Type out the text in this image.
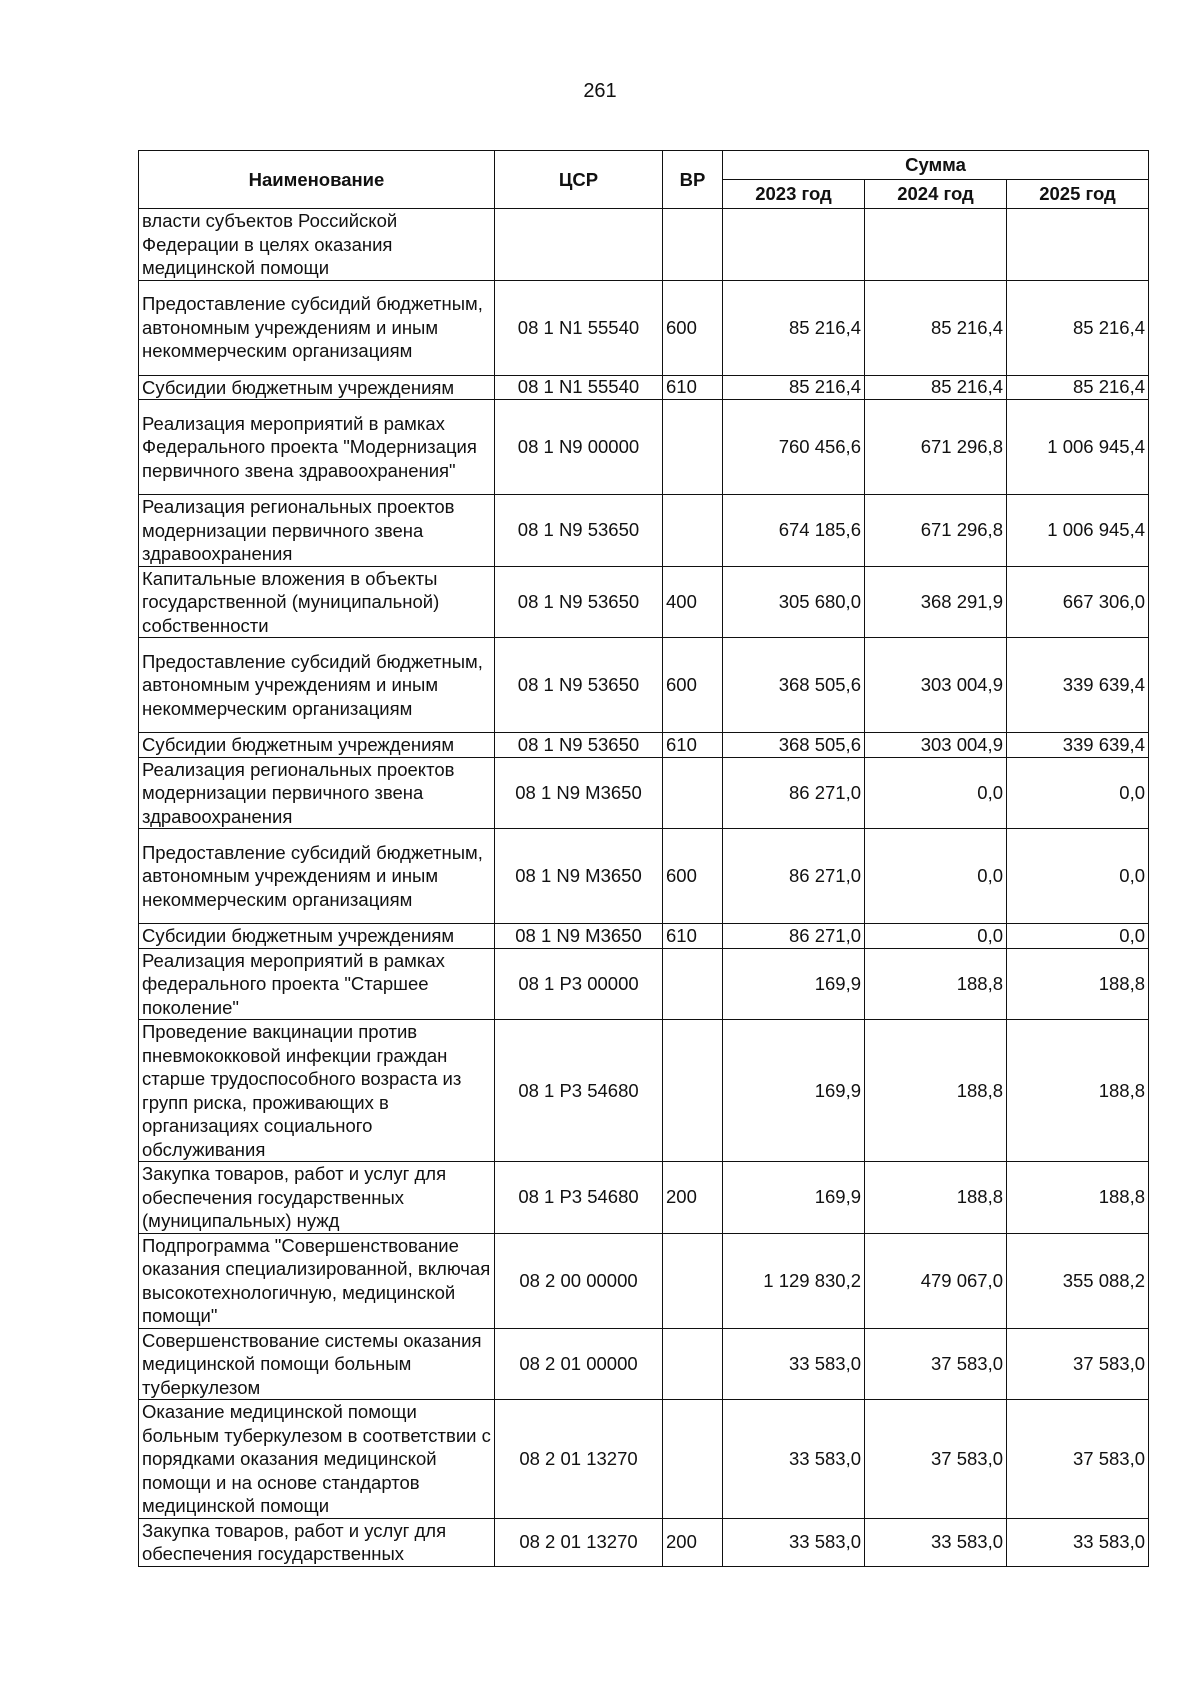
261
Наименование	ЦСР	ВР	Сумма		
			2023 год	2024 год	2025 год
власти субъектов Российской Федерации в целях оказания медицинской помощи					
Предоставление субсидий бюджетным, автономным учреждениям и иным некоммерческим организациям	08 1 N1 55540	600	85 216,4	85 216,4	85 216,4
Субсидии бюджетным учреждениям	08 1 N1 55540	610	85 216,4	85 216,4	85 216,4
Реализация мероприятий в рамках Федерального проекта "Модернизация первичного звена здравоохранения"	08 1 N9 00000		760 456,6	671 296,8	1 006 945,4
Реализация региональных проектов модернизации первичного звена здравоохранения	08 1 N9 53650		674 185,6	671 296,8	1 006 945,4
Капитальные вложения в объекты государственной (муниципальной) собственности	08 1 N9 53650	400	305 680,0	368 291,9	667 306,0
Предоставление субсидий бюджетным, автономным учреждениям и иным некоммерческим организациям	08 1 N9 53650	600	368 505,6	303 004,9	339 639,4
Субсидии бюджетным учреждениям	08 1 N9 53650	610	368 505,6	303 004,9	339 639,4
Реализация региональных проектов модернизации первичного звена здравоохранения	08 1 N9 M3650		86 271,0	0,0	0,0
Предоставление субсидий бюджетным, автономным учреждениям и иным некоммерческим организациям	08 1 N9 M3650	600	86 271,0	0,0	0,0
Субсидии бюджетным учреждениям	08 1 N9 M3650	610	86 271,0	0,0	0,0
Реализация мероприятий в рамках федерального проекта "Старшее поколение"	08 1 P3 00000		169,9	188,8	188,8
Проведение вакцинации против пневмококковой инфекции граждан старше трудоспособного возраста из групп риска, проживающих в организациях социального обслуживания	08 1 P3 54680		169,9	188,8	188,8
Закупка товаров, работ и услуг для обеспечения государственных (муниципальных) нужд	08 1 P3 54680	200	169,9	188,8	188,8
Подпрограмма "Совершенствование оказания специализированной, включая высокотехнологичную, медицинской помощи"	08 2 00 00000		1 129 830,2	479 067,0	355 088,2
Совершенствование системы оказания медицинской помощи больным туберкулезом	08 2 01 00000		33 583,0	37 583,0	37 583,0
Оказание медицинской помощи больным туберкулезом в соответствии с порядками оказания медицинской помощи и на основе стандартов медицинской помощи	08 2 01 13270		33 583,0	37 583,0	37 583,0
Закупка товаров, работ и услуг для обеспечения государственных	08 2 01 13270	200	33 583,0	33 583,0	33 583,0
